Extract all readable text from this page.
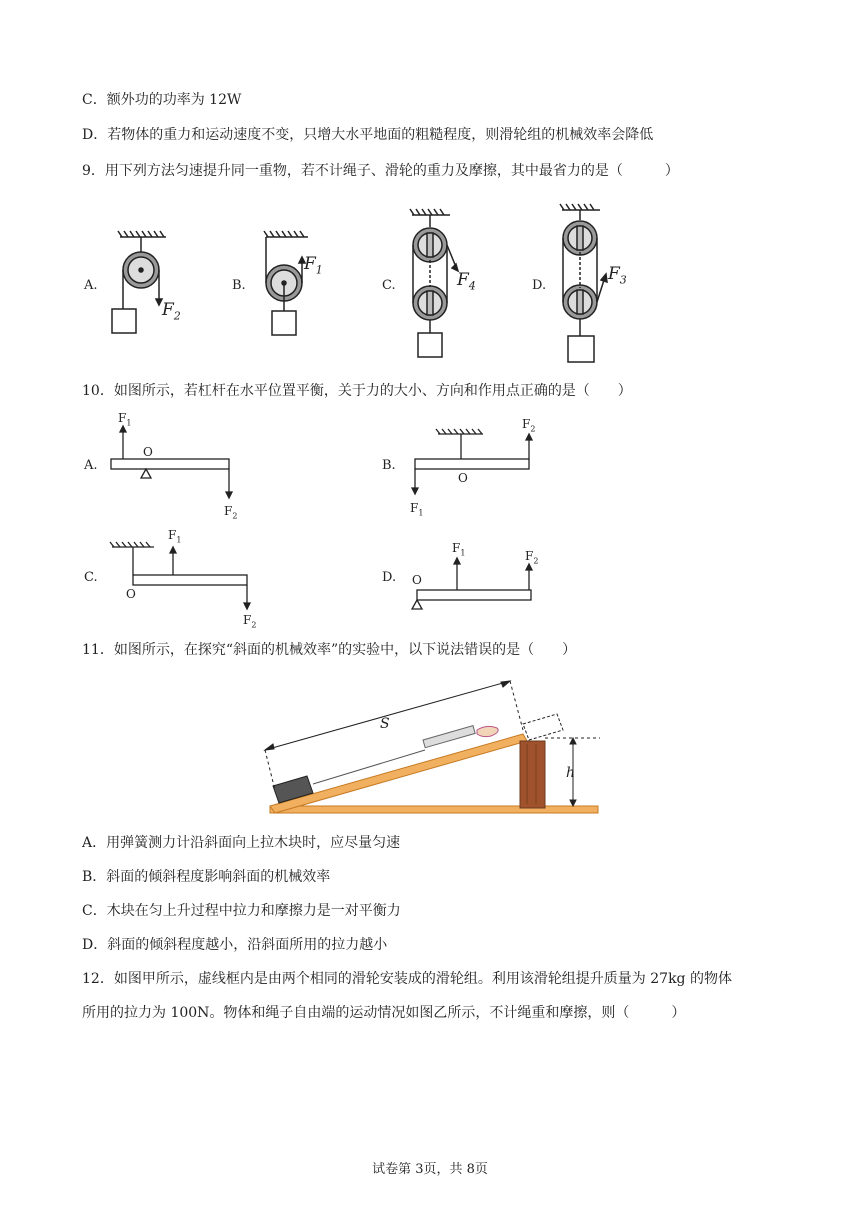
C．额外功的功率为 12W
D．若物体的重力和运动速度不变，只增大水平地面的粗糙程度，则滑轮组的机械效率会降低
9．用下列方法匀速提升同一重物，若不计绳子、滑轮的重力及摩擦，其中最省力的是（　　　）
A.	B.	C.	D.
$F_2$
$F_1$
$F_4$
$F_3$
10．如图所示，若杠杆在水平位置平衡，关于力的大小、方向和作用点正确的是（　　）
A.	B.
C.	D.
$F_1$
O
$F_2$
$F_2$
O
$F_1$
$F_1$
O
$F_2$
$F_1$	$F_2$
O
11．如图所示，在探究“斜面的机械效率”的实验中，以下说法错误的是（　　）
S
h
A．用弹簧测力计沿斜面向上拉木块时，应尽量匀速
B．斜面的倾斜程度影响斜面的机械效率
C．木块在匀上升过程中拉力和摩擦力是一对平衡力
D．斜面的倾斜程度越小，沿斜面所用的拉力越小
12．如图甲所示，虚线框内是由两个相同的滑轮安装成的滑轮组。利用该滑轮组提升质量为 27kg 的物体
所用的拉力为 100N。物体和绳子自由端的运动情况如图乙所示，不计绳重和摩擦，则（　　　）
试卷第 3页，共 8页
